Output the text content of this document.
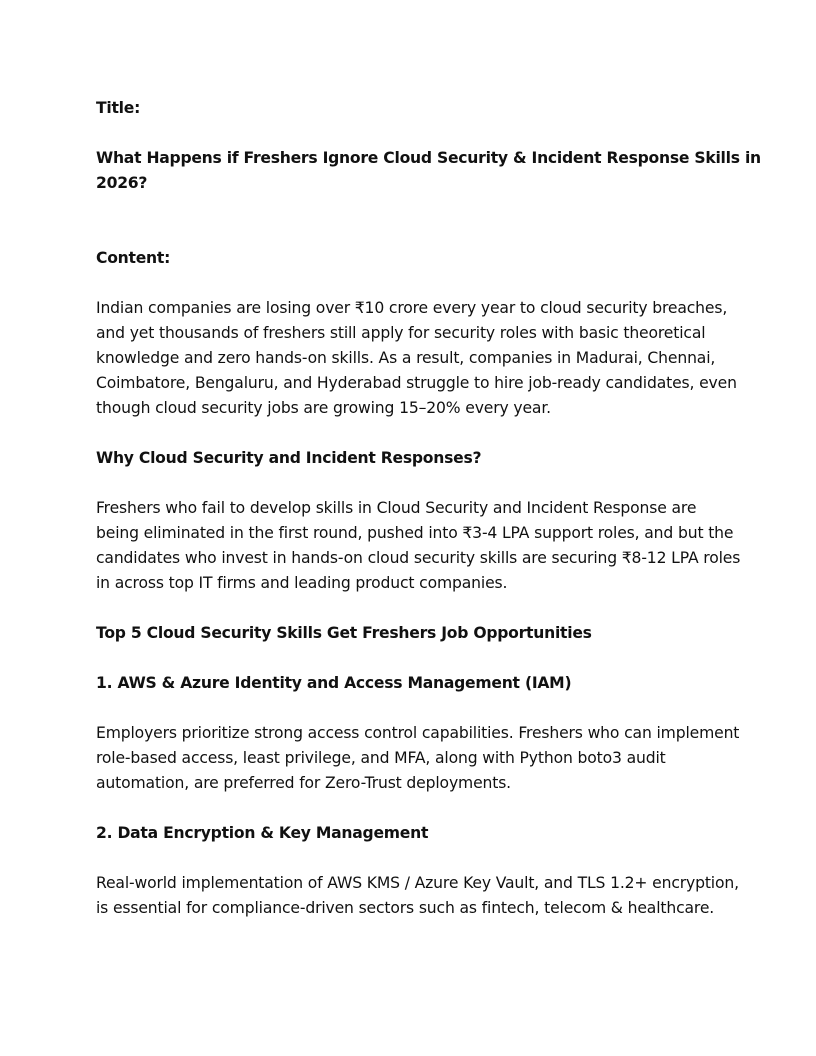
Title:

What Happens if Freshers Ignore Cloud Security & Incident Response Skills in

2026?

Content:

Indian companies are losing over ₹10 crore every year to cloud security breaches,

and yet thousands of freshers still apply for security roles with basic theoretical

knowledge and zero hands-on skills. As a result, companies in Madurai, Chennai,

Coimbatore, Bengaluru, and Hyderabad struggle to hire job-ready candidates, even

though cloud security jobs are growing 15–20% every year.

Why Cloud Security and Incident Responses?

Freshers who fail to develop skills in Cloud Security and Incident Response are

being eliminated in the first round, pushed into ₹3-4 LPA support roles, and but the

candidates who invest in hands-on cloud security skills are securing ₹8-12 LPA roles

in across top IT firms and leading product companies.

Top 5 Cloud Security Skills Get Freshers Job Opportunities

1. AWS & Azure Identity and Access Management (IAM)

Employers prioritize strong access control capabilities. Freshers who can implement

role-based access, least privilege, and MFA, along with Python boto3 audit

automation, are preferred for Zero-Trust deployments.

2. Data Encryption & Key Management

Real-world implementation of AWS KMS / Azure Key Vault, and TLS 1.2+ encryption,

is essential for compliance-driven sectors such as fintech, telecom & healthcare.
